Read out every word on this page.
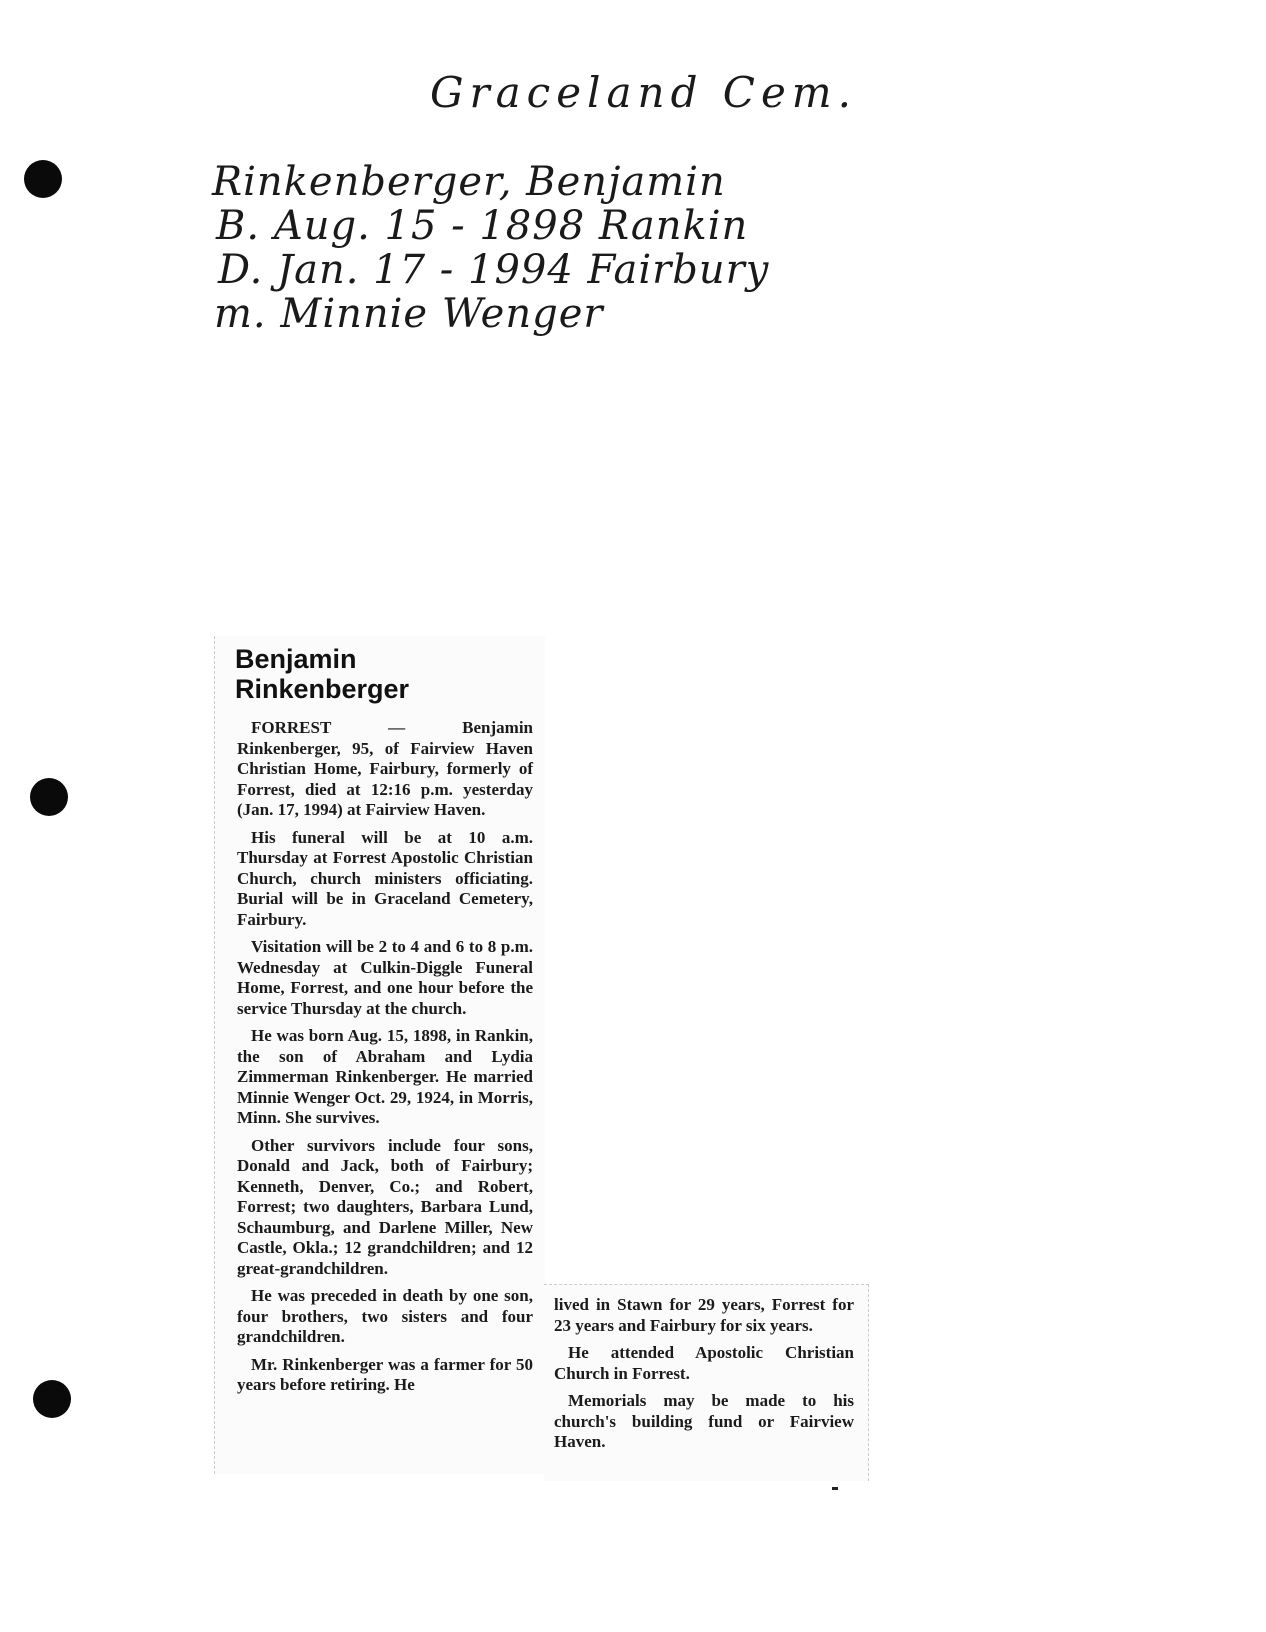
Graceland Cem.
Rinkenberger, Benjamin
B. Aug. 15 - 1898 Rankin
D. Jan. 17 - 1994 Fairbury
m. Minnie Wenger
Benjamin
Rinkenberger

FORREST — Benjamin Rinkenberger, 95, of Fairview Haven Christian Home, Fairbury, formerly of Forrest, died at 12:16 p.m. yesterday (Jan. 17, 1994) at Fairview Haven.

His funeral will be at 10 a.m. Thursday at Forrest Apostolic Christian Church, church ministers officiating. Burial will be in Graceland Cemetery, Fairbury.

Visitation will be 2 to 4 and 6 to 8 p.m. Wednesday at Culkin-Diggle Funeral Home, Forrest, and one hour before the service Thursday at the church.

He was born Aug. 15, 1898, in Rankin, the son of Abraham and Lydia Zimmerman Rinkenberger. He married Minnie Wenger Oct. 29, 1924, in Morris, Minn. She survives.

Other survivors include four sons, Donald and Jack, both of Fairbury; Kenneth, Denver, Co.; and Robert, Forrest; two daughters, Barbara Lund, Schaumburg, and Darlene Miller, New Castle, Okla.; 12 grandchildren; and 12 great-grandchildren.

He was preceded in death by one son, four brothers, two sisters and four grandchildren.

Mr. Rinkenberger was a farmer for 50 years before retiring. He

lived in Stawn for 29 years, Forrest for 23 years and Fairbury for six years.

He attended Apostolic Christian Church in Forrest.

Memorials may be made to his church's building fund or Fairview Haven.
